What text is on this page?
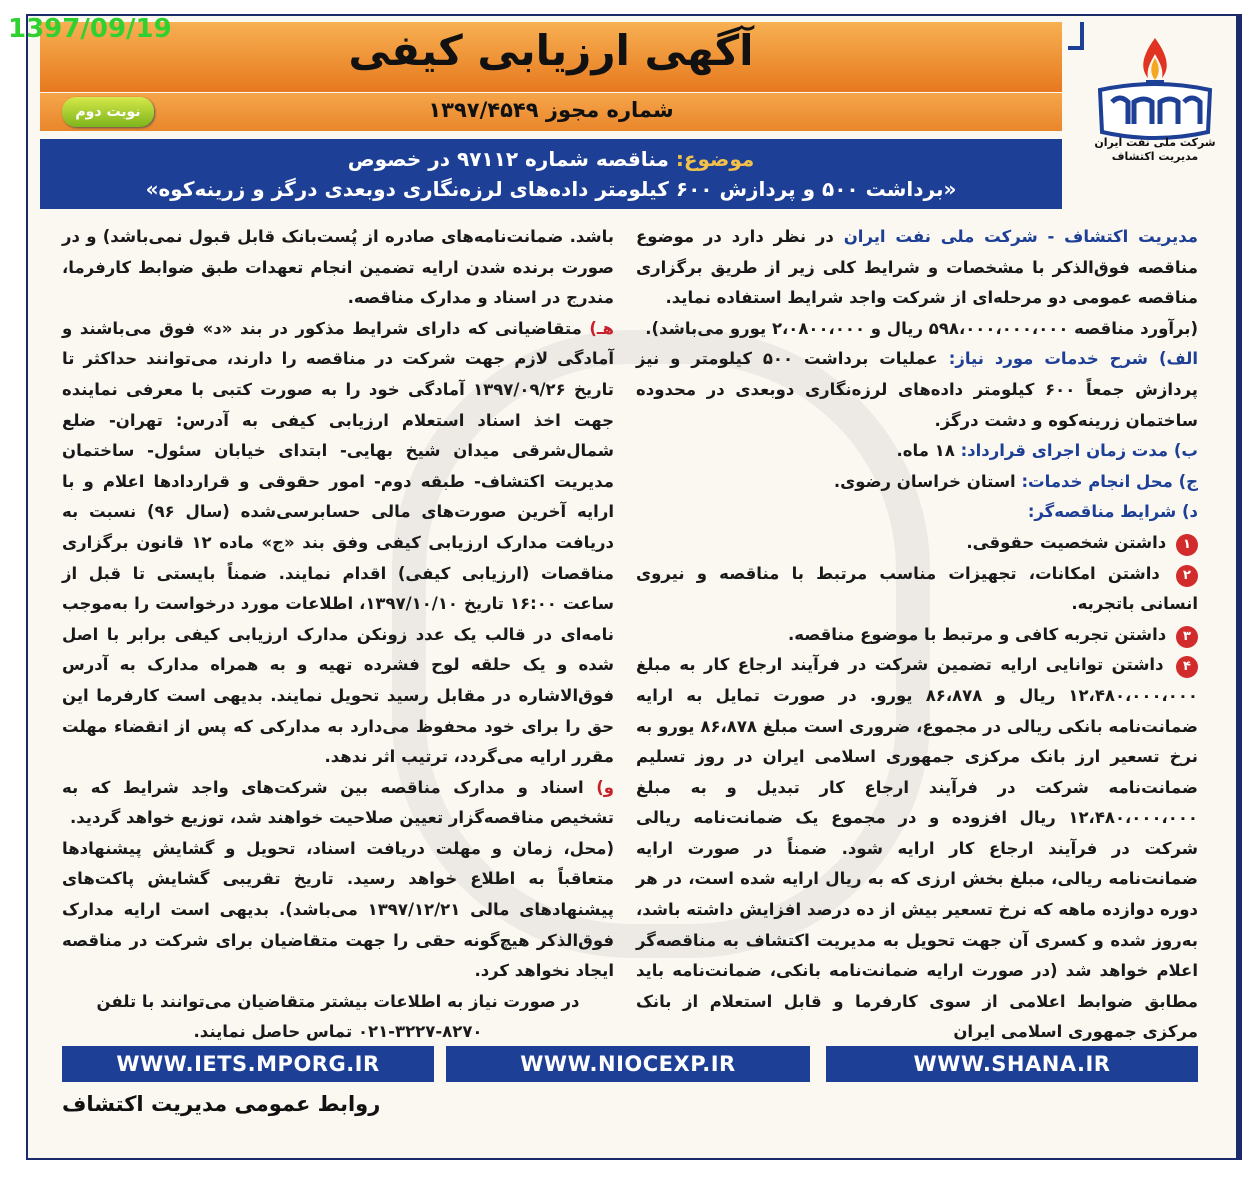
1397/09/19	آگهی ارزیابی کیفی
شماره مجوز ۱۳۹۷/۴۵۴۹
نوبت دوم
موضوع: مناقصه شماره ۹۷۱۱۲ در خصوص
«برداشت ۵۰۰ و پردازش ۶۰۰ کیلومتر داده‌های لرزه‌نگاری دوبعدی درگز و زرینه‌کوه»
شرکت ملی نفت ایران
مدیریت اکتشاف

مدیریت اکتشاف - شرکت ملی نفت ایران در نظر دارد در موضوع مناقصه فوق‌الذکر با مشخصات و شرایط کلی زیر از طریق برگزاری مناقصه عمومی دو مرحله‌ای از شرکت واجد شرایط استفاده نماید.

(برآورد مناقصه ۵۹۸،۰۰۰،۰۰۰،۰۰۰ ریال و ۲،۰۸۰۰،۰۰۰ یورو می‌باشد).

الف) شرح خدمات مورد نیاز: عملیات برداشت ۵۰۰ کیلومتر و نیز پردازش جمعاً ۶۰۰ کیلومتر داده‌های لرزه‌نگاری دوبعدی در محدوده ساختمان زرینه‌کوه و دشت درگز.

ب) مدت زمان اجرای قرارداد: ۱۸ ماه.

ج) محل انجام خدمات: استان خراسان رضوی.

د) شرایط مناقصه‌گر:

۱ داشتن شخصیت حقوقی.

۲ داشتن امکانات، تجهیزات مناسب مرتبط با مناقصه و نیروی انسانی باتجربه.

۳ داشتن تجربه کافی و مرتبط با موضوع مناقصه.

۴ داشتن توانایی ارایه تضمین شرکت در فرآیند ارجاع کار به مبلغ ۱۲،۴۸۰،۰۰۰،۰۰۰ ریال و ۸۶،۸۷۸ یورو. در صورت تمایل به ارایه ضمانت‌نامه بانکی ریالی در مجموع، ضروری است مبلغ ۸۶،۸۷۸ یورو به نرخ تسعیر ارز بانک مرکزی جمهوری اسلامی ایران در روز تسلیم ضمانت‌نامه شرکت در فرآیند ارجاع کار تبدیل و به مبلغ ۱۲،۴۸۰،۰۰۰،۰۰۰ ریال افزوده و در مجموع یک ضمانت‌نامه ریالی شرکت در فرآیند ارجاع کار ارایه شود. ضمناً در صورت ارایه ضمانت‌نامه ریالی، مبلغ بخش ارزی که به ریال ارایه شده است، در هر دوره دوازده ماهه که نرخ تسعیر بیش از ده درصد افزایش داشته باشد، به‌روز شده و کسری آن جهت تحویل به مدیریت اکتشاف به مناقصه‌گر اعلام خواهد شد (در صورت ارایه ضمانت‌نامه بانکی، ضمانت‌نامه باید مطابق ضوابط اعلامی از سوی کارفرما و قابل استعلام از بانک مرکزی جمهوری اسلامی ایران

باشد. ضمانت‌نامه‌های صادره از پُست‌بانک قابل قبول نمی‌باشد) و در صورت برنده شدن ارایه تضمین انجام تعهدات طبق ضوابط کارفرما، مندرج در اسناد و مدارک مناقصه.

هـ) متقاضیانی که دارای شرایط مذکور در بند «د» فوق می‌باشند و آمادگی لازم جهت شرکت در مناقصه را دارند، می‌توانند حداکثر تا تاریخ ۱۳۹۷/۰۹/۲۶ آمادگی خود را به صورت کتبی با معرفی نماینده جهت اخذ اسناد استعلام ارزیابی کیفی به آدرس: تهران- ضلع شمال‌شرقی میدان شیخ بهایی- ابتدای خیابان سئول- ساختمان مدیریت اکتشاف- طبقه دوم- امور حقوقی و قراردادها اعلام و با ارایه آخرین صورت‌های مالی حسابرسی‌شده (سال ۹۶) نسبت به دریافت مدارک ارزیابی کیفی وفق بند «ج» ماده ۱۲ قانون برگزاری مناقصات (ارزیابی کیفی) اقدام نمایند. ضمناً بایستی تا قبل از ساعت ۱۶:۰۰ تاریخ ۱۳۹۷/۱۰/۱۰، اطلاعات مورد درخواست را به‌موجب نامه‌ای در قالب یک عدد زونکن مدارک ارزیابی کیفی برابر با اصل شده و یک حلقه لوح فشرده تهیه و به همراه مدارک به آدرس فوق‌الاشاره در مقابل رسید تحویل نمایند. بدیهی است کارفرما این حق را برای خود محفوظ می‌دارد به مدارکی که پس از انقضاء مهلت مقرر ارایه می‌گردد، ترتیب اثر ندهد.

و) اسناد و مدارک مناقصه بین شرکت‌های واجد شرایط که به تشخیص مناقصه‌گزار تعیین صلاحیت خواهند شد، توزیع خواهد گردید.

(محل، زمان و مهلت دریافت اسناد، تحویل و گشایش پیشنهادها متعاقباً به اطلاع خواهد رسید. تاریخ تقریبی گشایش پاکت‌های پیشنهادهای مالی ۱۳۹۷/۱۲/۲۱ می‌باشد). بدیهی است ارایه مدارک فوق‌الذکر هیچ‌گونه حقی را جهت متقاضیان برای شرکت در مناقصه ایجاد نخواهد کرد.

در صورت نیاز به اطلاعات بیشتر متقاضیان می‌توانند با تلفن ۸۲۷۰-۳۲۲۷-۰۲۱ تماس حاصل نمایند.

WWW.IETS.MPORG.IR	WWW.NIOCEXP.IR	WWW.SHANA.IR
روابط عمومی مدیریت اکتشاف
